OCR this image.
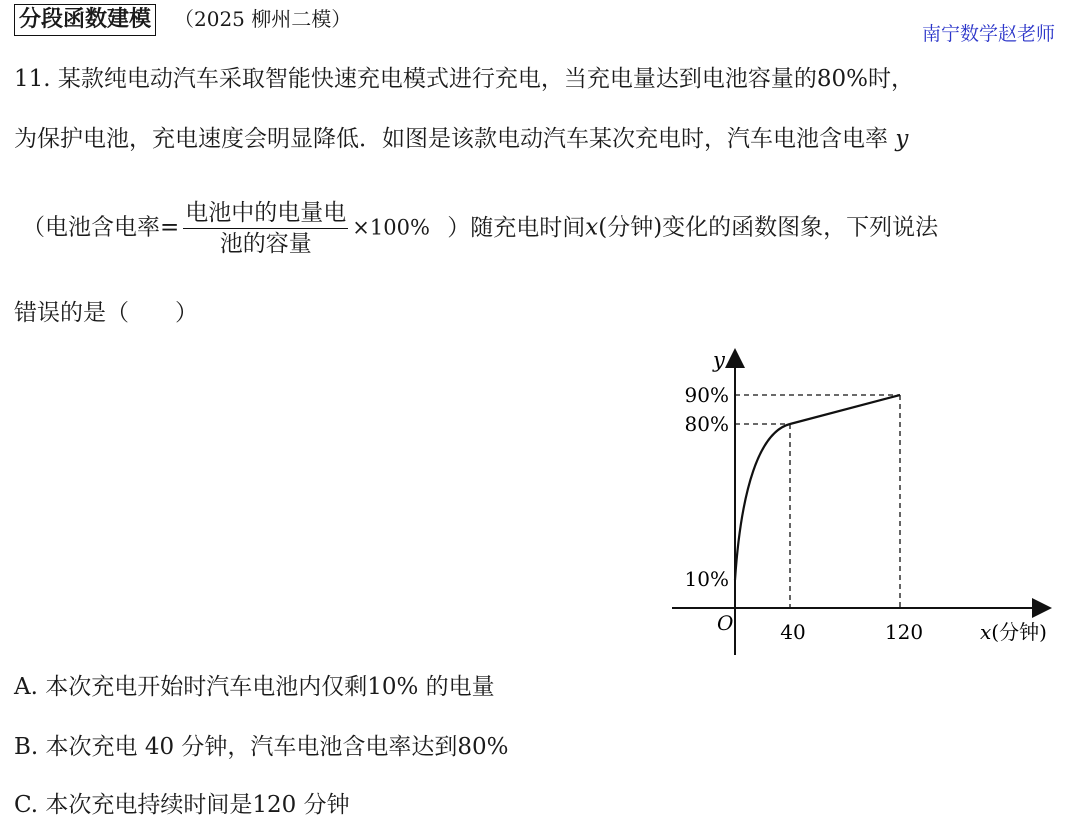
分段函数建模 （2025 柳州二模）
南宁数学赵老师
11. 某款纯电动汽车采取智能快速充电模式进行充电，当充电量达到电池容量的80%时，
为保护电池，充电速度会明显降低．如图是该款电动汽车某次充电时，汽车电池含电率 y
（电池含电率= $\frac{\text{电池中的电量电}}{\text{池的容量}} \times 100\%$ ）随充电时间x(分钟)变化的函数图象，下列说法
错误的是（　　）
10%
80%
90%
40	120
O
y
x(分钟)
A. 本次充电开始时汽车电池内仅剩10% 的电量
B. 本次充电 40 分钟，汽车电池含电率达到80%
C. 本次充电持续时间是120 分钟
